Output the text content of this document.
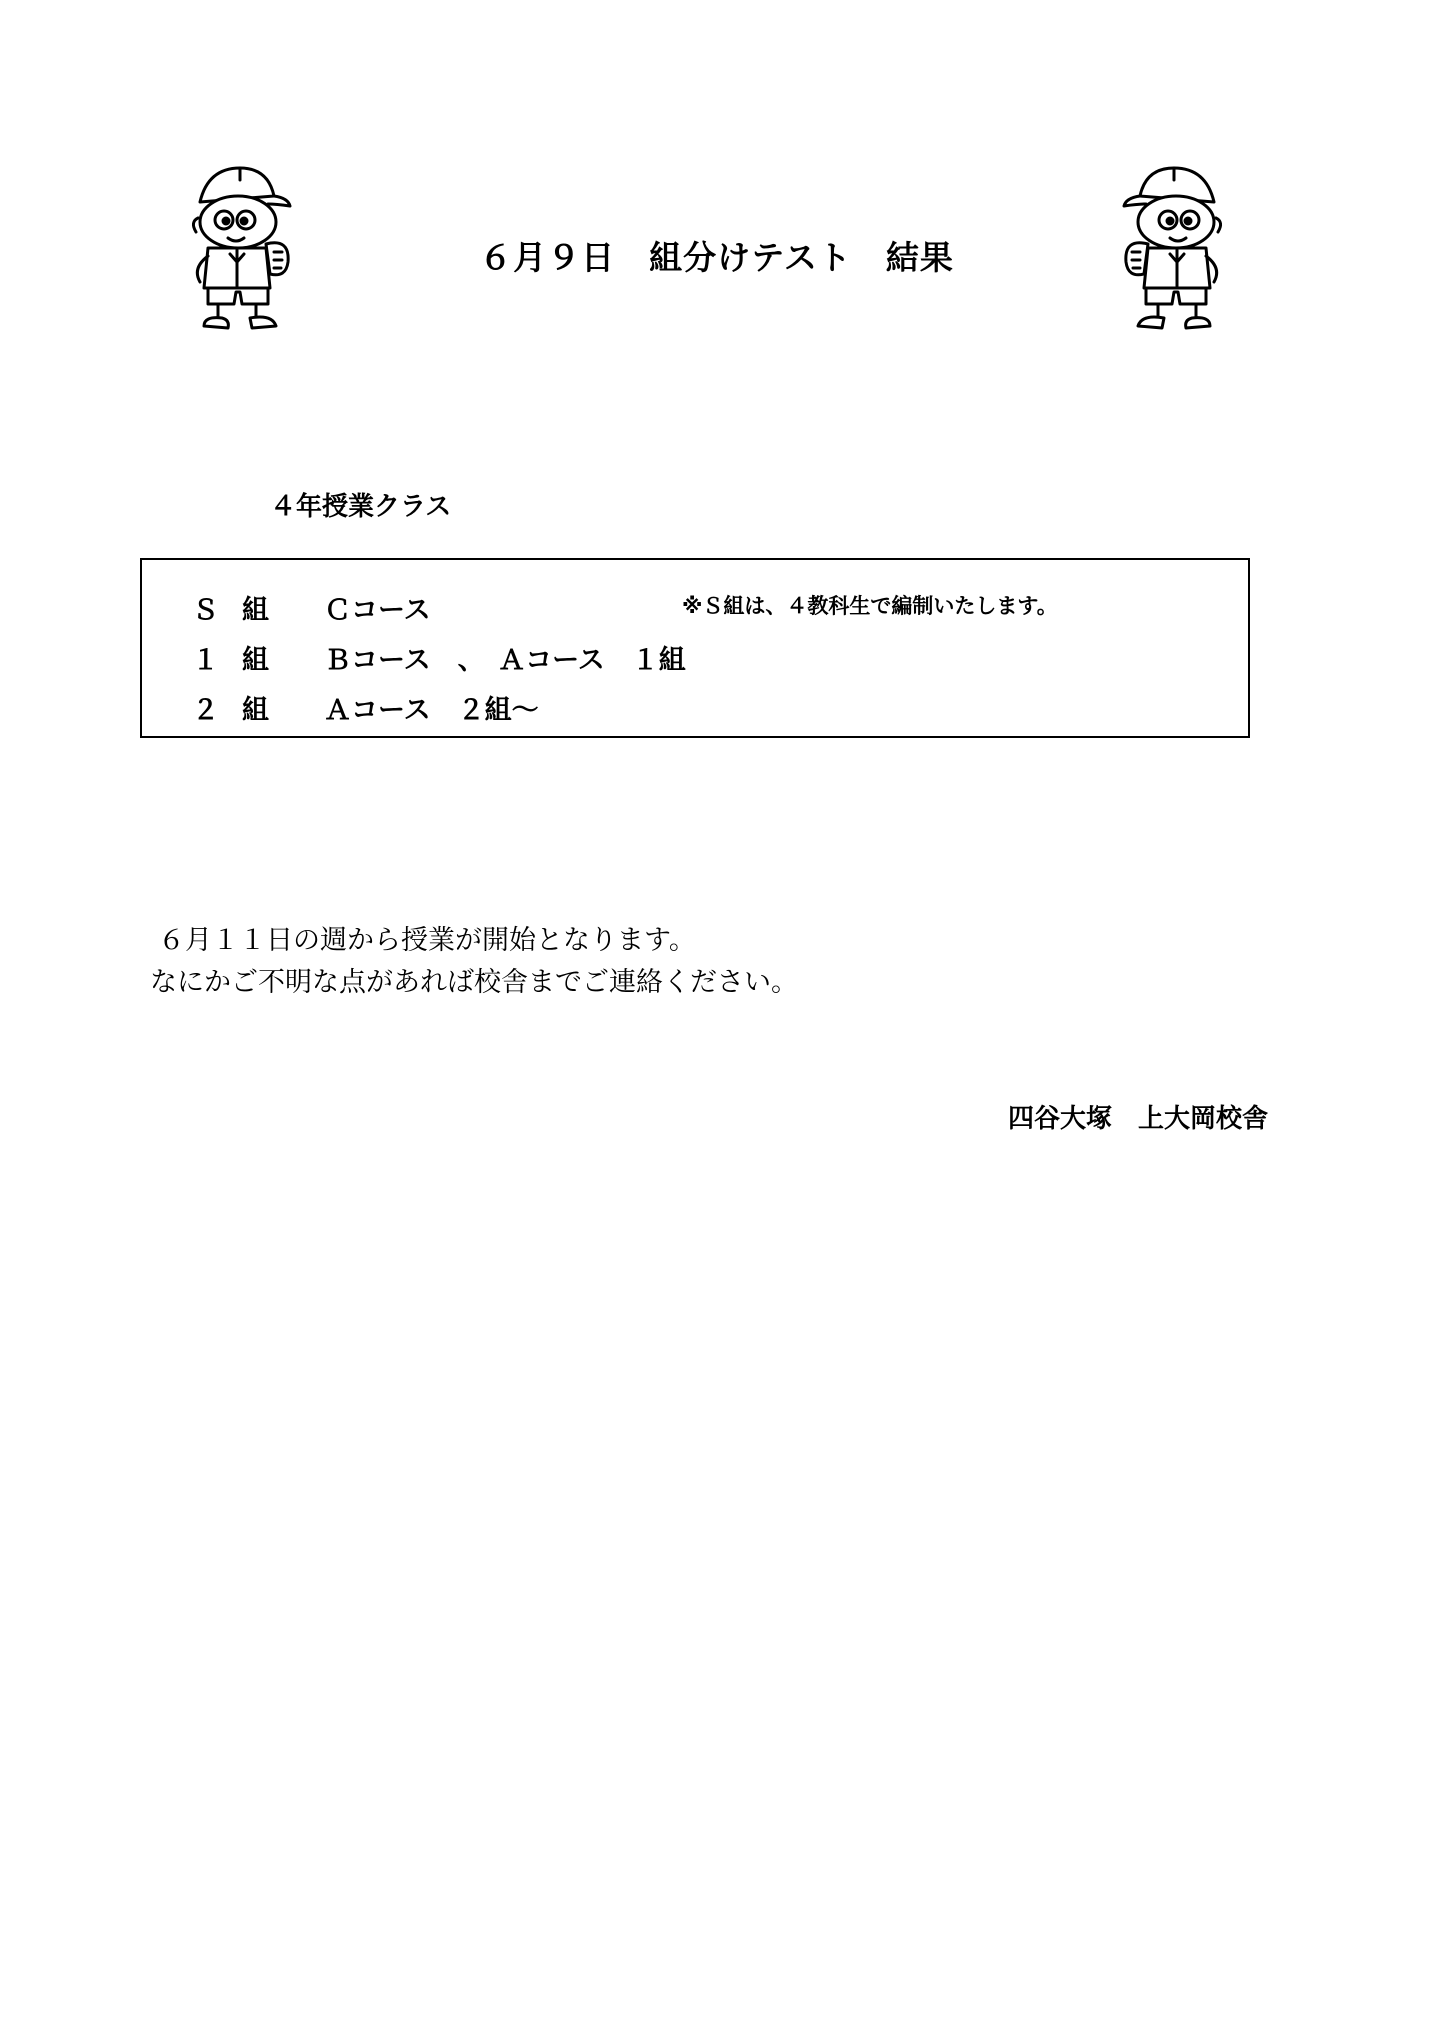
６月９日　組分けテスト　結果
４年授業クラス
Ｓ 組 Ｃコース	※Ｓ組は、４教科生で編制いたします。
１ 組 Ｂコース　、　Ａコース　１組
２ 組 Ａコース　２組～
６月１１日の週から授業が開始となります。
なにかご不明な点があれば校舎までご連絡ください。
四谷大塚　上大岡校舎
